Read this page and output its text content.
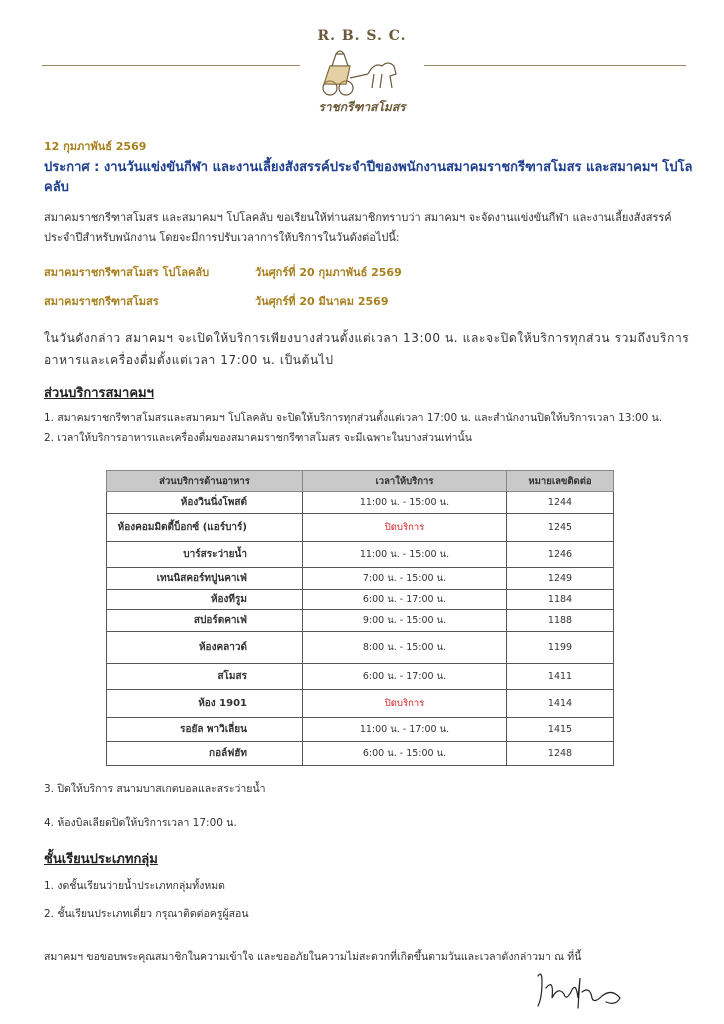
R. B. S. C.
ราชกรีฑาสโมสร
12 กุมภาพันธ์ 2569
ประกาศ : งานวันแข่งขันกีฬา และงานเลี้ยงสังสรรค์ประจำปีของพนักงานสมาคมราชกรีฑาสโมสร และสมาคมฯ โปโลคลับ
สมาคมราชกรีฑาสโมสร และสมาคมฯ โปโลคลับ ขอเรียนให้ท่านสมาชิกทราบว่า สมาคมฯ จะจัดงานแข่งขันกีฬา และงานเลี้ยงสังสรรค์ประจำปีสำหรับพนักงาน โดยจะมีการปรับเวลาการให้บริการในวันดังต่อไปนี้:
สมาคมราชกรีฑาสโมสร โปโลคลับ	วันศุกร์ที่ 20 กุมภาพันธ์ 2569
สมาคมราชกรีฑาสโมสร	วันศุกร์ที่ 20 มีนาคม 2569
ในวันดังกล่าว สมาคมฯ จะเปิดให้บริการเพียงบางส่วนตั้งแต่เวลา 13:00 น. และจะปิดให้บริการทุกส่วน รวมถึงบริการอาหารและเครื่องดื่มตั้งแต่เวลา 17:00 น. เป็นต้นไป
ส่วนบริการสมาคมฯ
1. สมาคมราชกรีฑาสโมสรและสมาคมฯ โปโลคลับ จะปิดให้บริการทุกส่วนตั้งแต่เวลา 17:00 น. และสำนักงานปิดให้บริการเวลา 13:00 น.
2. เวลาให้บริการอาหารและเครื่องดื่มของสมาคมราชกรีฑาสโมสร จะมีเฉพาะในบางส่วนเท่านั้น
ส่วนบริการด้านอาหาร	เวลาให้บริการ	หมายเลขติดต่อ
ห้องวินนิ่งโพสต์	11:00 น. - 15:00 น.	1244
ห้องคอมมิตตี้บ็อกซ์ (แอร์บาร์)	ปิดบริการ	1245
บาร์สระว่ายน้ำ	11:00 น. - 15:00 น.	1246
เทนนิสคอร์ทปูนคาเฟ่	7:00 น. - 15:00 น.	1249
ห้องทีรูม	6:00 น. - 17:00 น.	1184
สปอร์ตคาเฟ่	9:00 น. - 15:00 น.	1188
ห้องคลาวด์	8:00 น. - 15:00 น.	1199
สโมสร	6:00 น. - 17:00 น.	1411
ห้อง 1901	ปิดบริการ	1414
รอยัล พาวิเลี่ยน	11:00 น. - 17:00 น.	1415
กอล์ฟฮัท	6:00 น. - 15:00 น.	1248
3. ปิดให้บริการ สนามบาสเกตบอลและสระว่ายน้ำ
4. ห้องบิลเลียดปิดให้บริการเวลา 17:00 น.
ชั้นเรียนประเภทกลุ่ม
1. งดชั้นเรียนว่ายน้ำประเภทกลุ่มทั้งหมด
2. ชั้นเรียนประเภทเดี่ยว กรุณาติดต่อครูผู้สอน
สมาคมฯ ขอขอบพระคุณสมาชิกในความเข้าใจ และขออภัยในความไม่สะดวกที่เกิดขึ้นตามวันและเวลาดังกล่าวมา ณ ที่นี้
